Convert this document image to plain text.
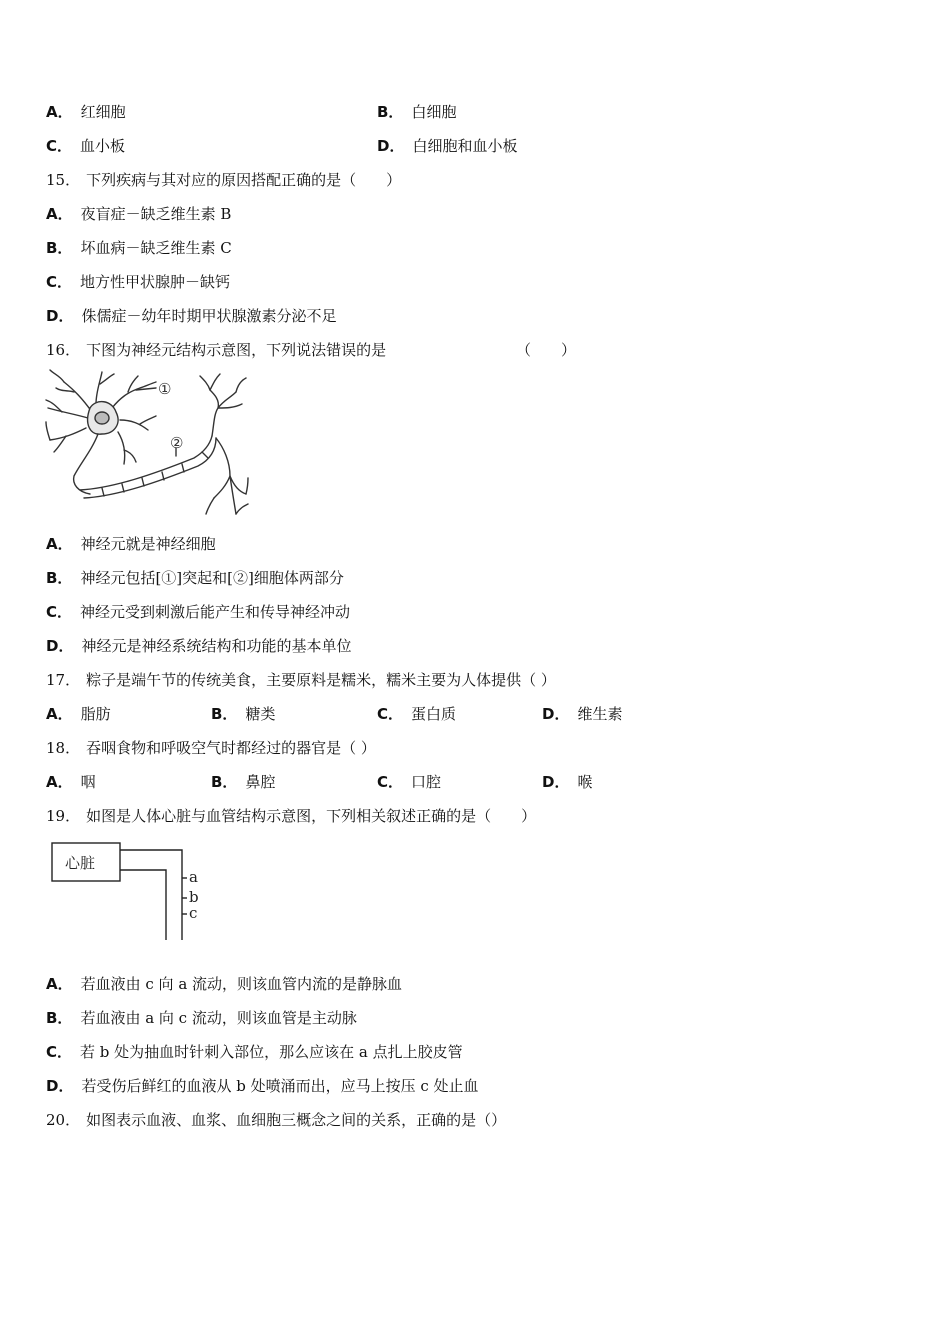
A． 红细胞	B． 白细胞
C． 血小板	D． 白细胞和血小板
15． 下列疾病与其对应的原因搭配正确的是（　　）
A． 夜盲症－缺乏维生素 B
B． 坏血病－缺乏维生素 C
C． 地方性甲状腺肿－缺钙
D． 侏儒症－幼年时期甲状腺激素分泌不足
16． 下图为神经元结构示意图，下列说法错误的是	（　　）
①
②
A． 神经元就是神经细胞
B． 神经元包括[①]突起和[②]细胞体两部分
C． 神经元受到刺激后能产生和传导神经冲动
D． 神经元是神经系统结构和功能的基本单位
17． 粽子是端午节的传统美食，主要原料是糯米，糯米主要为人体提供（ ）
A． 脂肪	B． 糖类	C． 蛋白质	D． 维生素
18． 吞咽食物和呼吸空气时都经过的器官是（ ）
A． 咽	B． 鼻腔	C． 口腔	D． 喉
19． 如图是人体心脏与血管结构示意图，下列相关叙述正确的是（　　）
心脏
a
b
c
A． 若血液由 c 向 a 流动，则该血管内流的是静脉血
B． 若血液由 a 向 c 流动，则该血管是主动脉
C． 若 b 处为抽血时针刺入部位，那么应该在 a 点扎上胶皮管
D． 若受伤后鲜红的血液从 b 处喷涌而出，应马上按压 c 处止血
20． 如图表示血液、血浆、血细胞三概念之间的关系，正确的是（）
